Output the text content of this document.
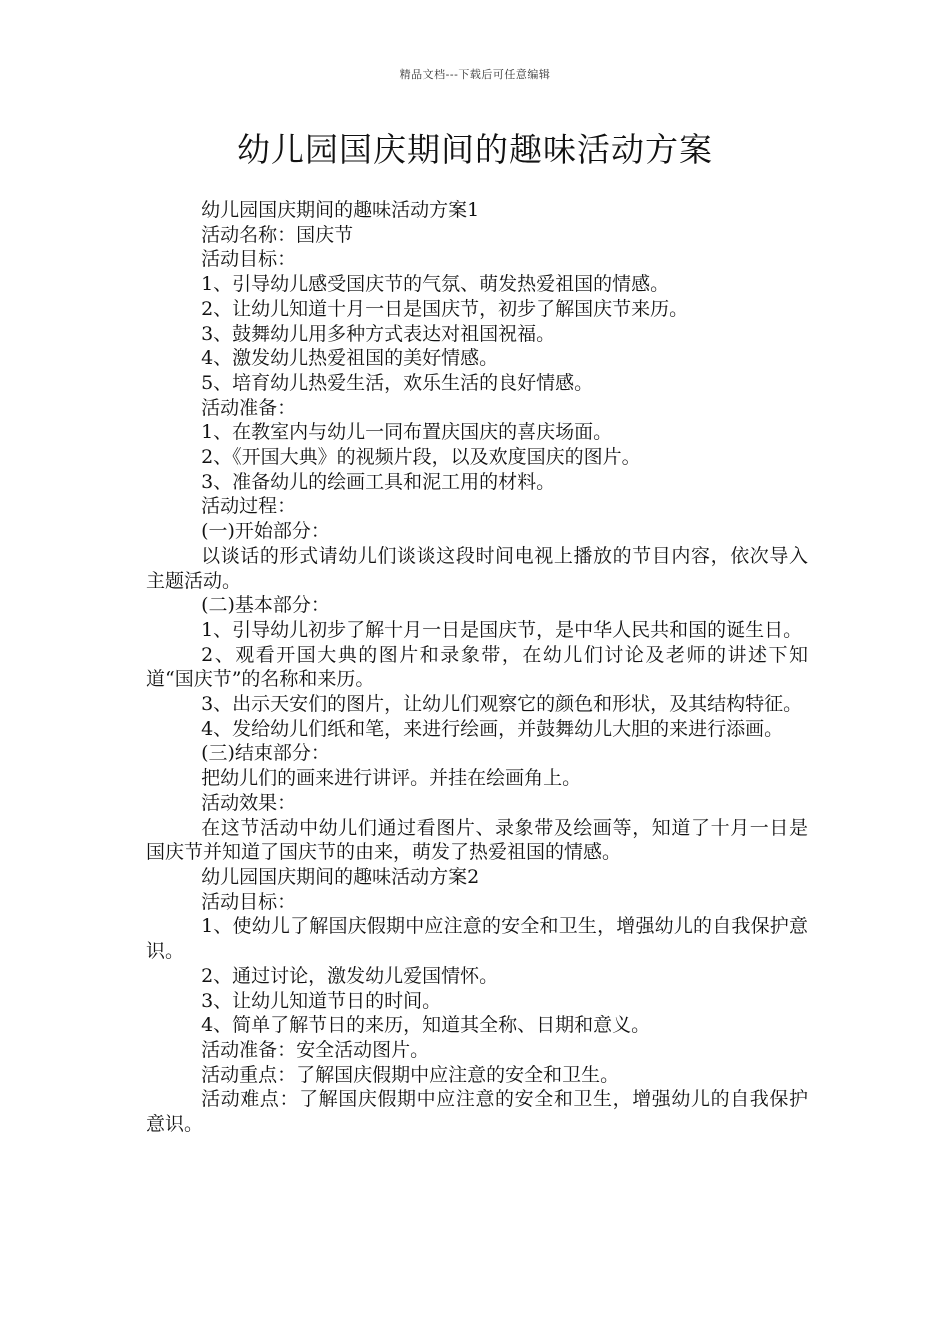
精品文档---下载后可任意编辑
幼儿园国庆期间的趣味活动方案

幼儿园国庆期间的趣味活动方案1

活动名称：国庆节

活动目标：

1、引导幼儿感受国庆节的气氛、萌发热爱祖国的情感。

2、让幼儿知道十月一日是国庆节，初步了解国庆节来历。

3、鼓舞幼儿用多种方式表达对祖国祝福。

4、激发幼儿热爱祖国的美好情感。

5、培育幼儿热爱生活，欢乐生活的良好情感。

活动准备：

1、在教室内与幼儿一同布置庆国庆的喜庆场面。

2、《开国大典》的视频片段，以及欢度国庆的图片。

3、准备幼儿的绘画工具和泥工用的材料。

活动过程：

(一)开始部分：

以谈话的形式请幼儿们谈谈这段时间电视上播放的节目内容，依次导入主题活动。

(二)基本部分：

1、引导幼儿初步了解十月一日是国庆节，是中华人民共和国的诞生日。

2、观看开国大典的图片和录象带，在幼儿们讨论及老师的讲述下知道“国庆节”的名称和来历。

3、出示天安们的图片，让幼儿们观察它的颜色和形状，及其结构特征。

4、发给幼儿们纸和笔，来进行绘画，并鼓舞幼儿大胆的来进行添画。

(三)结束部分：

把幼儿们的画来进行讲评。并挂在绘画角上。

活动效果：

在这节活动中幼儿们通过看图片、录象带及绘画等，知道了十月一日是国庆节并知道了国庆节的由来，萌发了热爱祖国的情感。

幼儿园国庆期间的趣味活动方案2

活动目标：

1、使幼儿了解国庆假期中应注意的安全和卫生，增强幼儿的自我保护意识。

2、通过讨论，激发幼儿爱国情怀。

3、让幼儿知道节日的时间。

4、简单了解节日的来历，知道其全称、日期和意义。

活动准备：安全活动图片。

活动重点：了解国庆假期中应注意的安全和卫生。

活动难点：了解国庆假期中应注意的安全和卫生，增强幼儿的自我保护意识。
